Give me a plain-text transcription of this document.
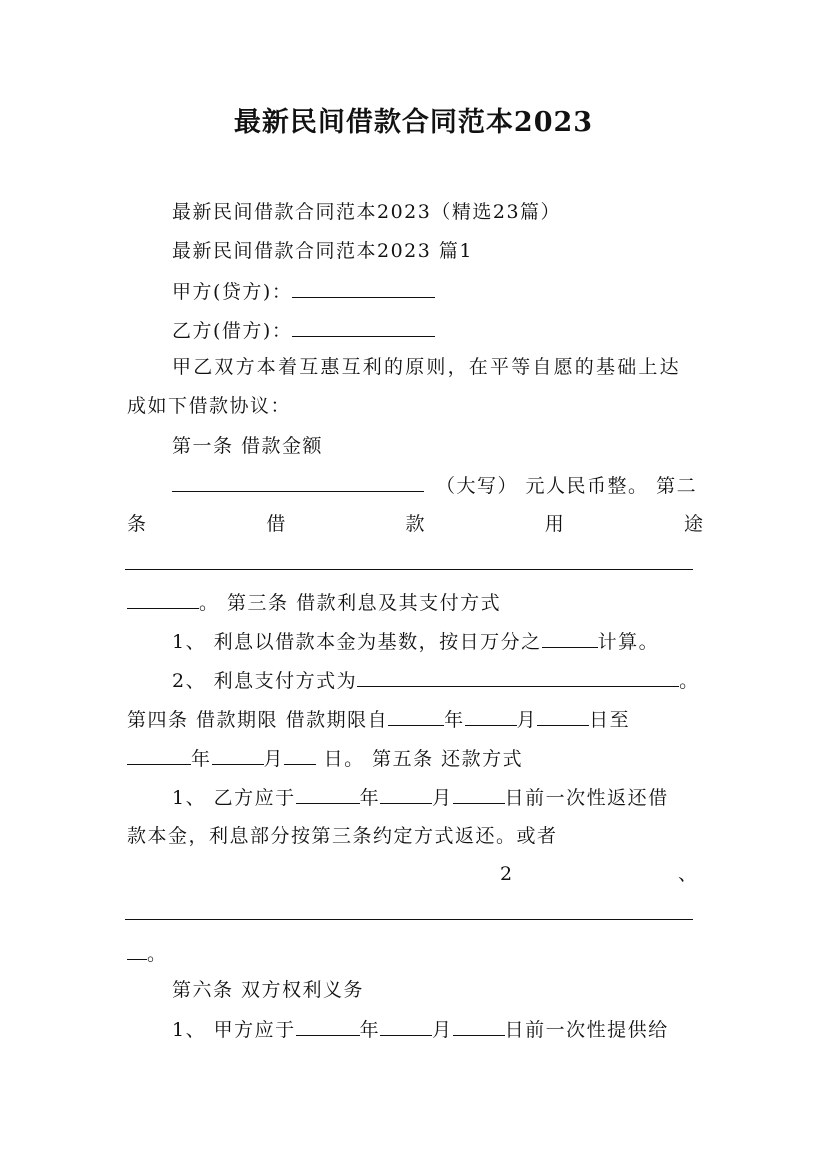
最新民间借款合同范本2023
最新民间借款合同范本2023（精选23篇）
最新民间借款合同范本2023 篇1
甲方(贷方)：
乙方(借方)：
甲乙双方本着互惠互利的原则，在平等自愿的基础上达
成如下借款协议：
第一条 借款金额
（大写） 元人民币整。 第二
条	借	款	用	途
。 第三条 借款利息及其支付方式
1、 利息以借款本金为基数，按日万分之	计算。
2、 利息支付方式为	。
第四条 借款期限 借款期限自	年	月	日至
年	月 日。 第五条 还款方式
1、 乙方应于	年	月	日前一次性返还借
款本金，利息部分按第三条约定方式返还。或者
2	、
。
第六条 双方权利义务
1、 甲方应于	年	月	日前一次性提供给
